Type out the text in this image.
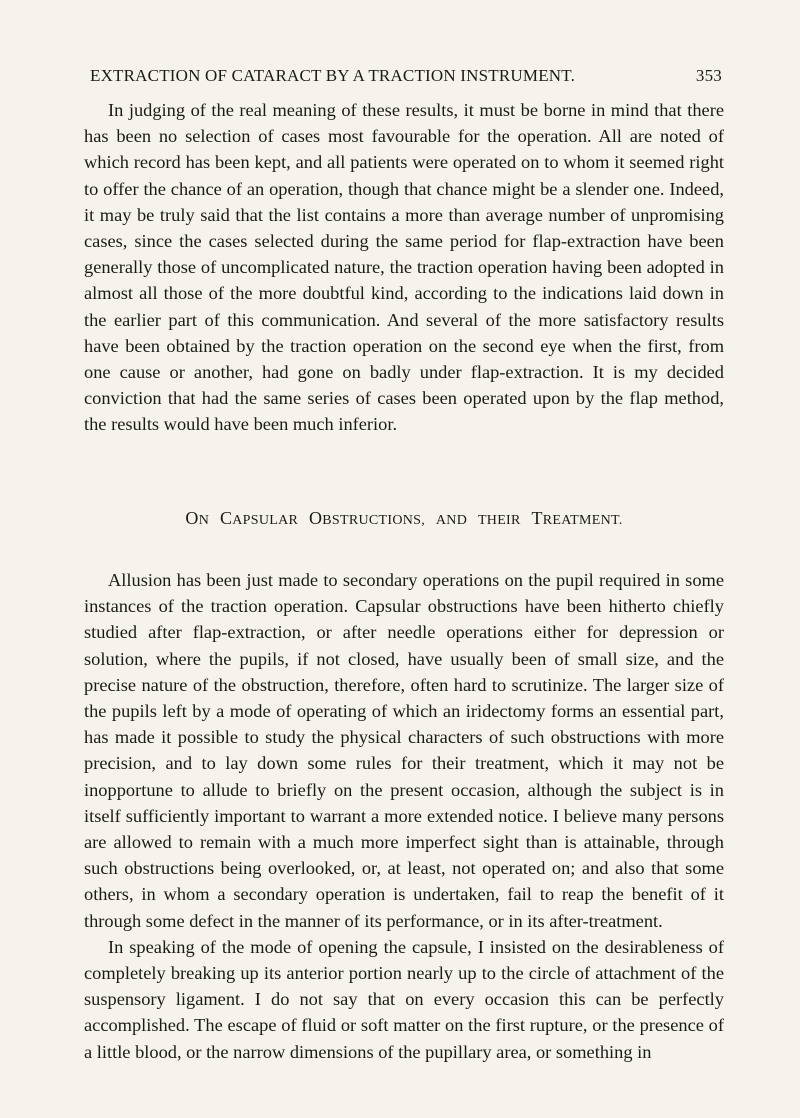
EXTRACTION OF CATARACT BY A TRACTION INSTRUMENT.	353

In judging of the real meaning of these results, it must be borne in mind that there has been no selection of cases most favourable for the operation. All are noted of which record has been kept, and all patients were operated on to whom it seemed right to offer the chance of an operation, though that chance might be a slender one. Indeed, it may be truly said that the list contains a more than average number of unpromising cases, since the cases selected during the same period for flap-extraction have been generally those of uncomplicated nature, the traction operation having been adopted in almost all those of the more doubtful kind, according to the indications laid down in the earlier part of this communication. And several of the more satisfactory results have been obtained by the traction operation on the second eye when the first, from one cause or another, had gone on badly under flap-extraction. It is my decided conviction that had the same series of cases been operated upon by the flap method, the results would have been much inferior.

ON CAPSULAR OBSTRUCTIONS, AND THEIR TREATMENT.

Allusion has been just made to secondary operations on the pupil required in some instances of the traction operation. Capsular obstructions have been hitherto chiefly studied after flap-extraction, or after needle operations either for depression or solution, where the pupils, if not closed, have usually been of small size, and the precise nature of the obstruction, therefore, often hard to scrutinize. The larger size of the pupils left by a mode of operating of which an iridectomy forms an essential part, has made it possible to study the physical characters of such obstructions with more precision, and to lay down some rules for their treatment, which it may not be inopportune to allude to briefly on the present occasion, although the subject is in itself sufficiently important to warrant a more extended notice. I believe many persons are allowed to remain with a much more imperfect sight than is attainable, through such obstructions being overlooked, or, at least, not operated on; and also that some others, in whom a secondary operation is undertaken, fail to reap the benefit of it through some defect in the manner of its performance, or in its after-treatment.

In speaking of the mode of opening the capsule, I insisted on the desirableness of completely breaking up its anterior portion nearly up to the circle of attachment of the suspensory ligament. I do not say that on every occasion this can be perfectly accomplished. The escape of fluid or soft matter on the first rupture, or the presence of a little blood, or the narrow dimensions of the pupillary area, or something in
